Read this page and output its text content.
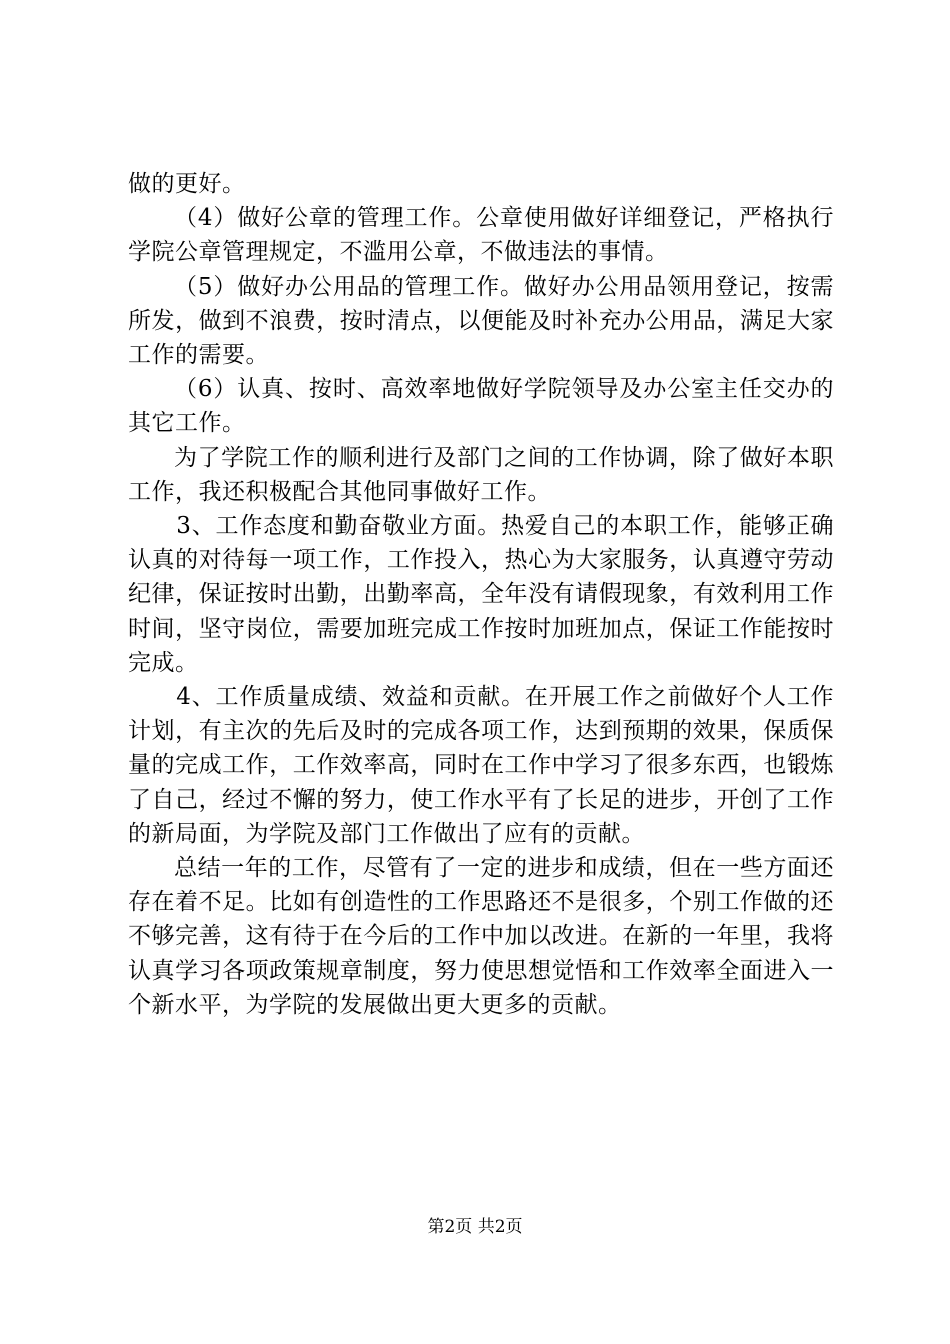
做的更好。

（4）做好公章的管理工作。公章使用做好详细登记，严格执行学院公章管理规定，不滥用公章，不做违法的事情。

（5）做好办公用品的管理工作。做好办公用品领用登记，按需所发，做到不浪费，按时清点，以便能及时补充办公用品，满足大家工作的需要。

（6）认真、按时、高效率地做好学院领导及办公室主任交办的其它工作。

为了学院工作的顺利进行及部门之间的工作协调，除了做好本职工作，我还积极配合其他同事做好工作。

3、工作态度和勤奋敬业方面。热爱自己的本职工作，能够正确认真的对待每一项工作，工作投入，热心为大家服务，认真遵守劳动纪律，保证按时出勤，出勤率高，全年没有请假现象，有效利用工作时间，坚守岗位，需要加班完成工作按时加班加点，保证工作能按时完成。

4、工作质量成绩、效益和贡献。在开展工作之前做好个人工作计划，有主次的先后及时的完成各项工作，达到预期的效果，保质保量的完成工作，工作效率高，同时在工作中学习了很多东西，也锻炼了自己，经过不懈的努力，使工作水平有了长足的进步，开创了工作的新局面，为学院及部门工作做出了应有的贡献。

总结一年的工作，尽管有了一定的进步和成绩，但在一些方面还存在着不足。比如有创造性的工作思路还不是很多，个别工作做的还不够完善，这有待于在今后的工作中加以改进。在新的一年里，我将认真学习各项政策规章制度，努力使思想觉悟和工作效率全面进入一个新水平，为学院的发展做出更大更多的贡献。

第2页 共2页
